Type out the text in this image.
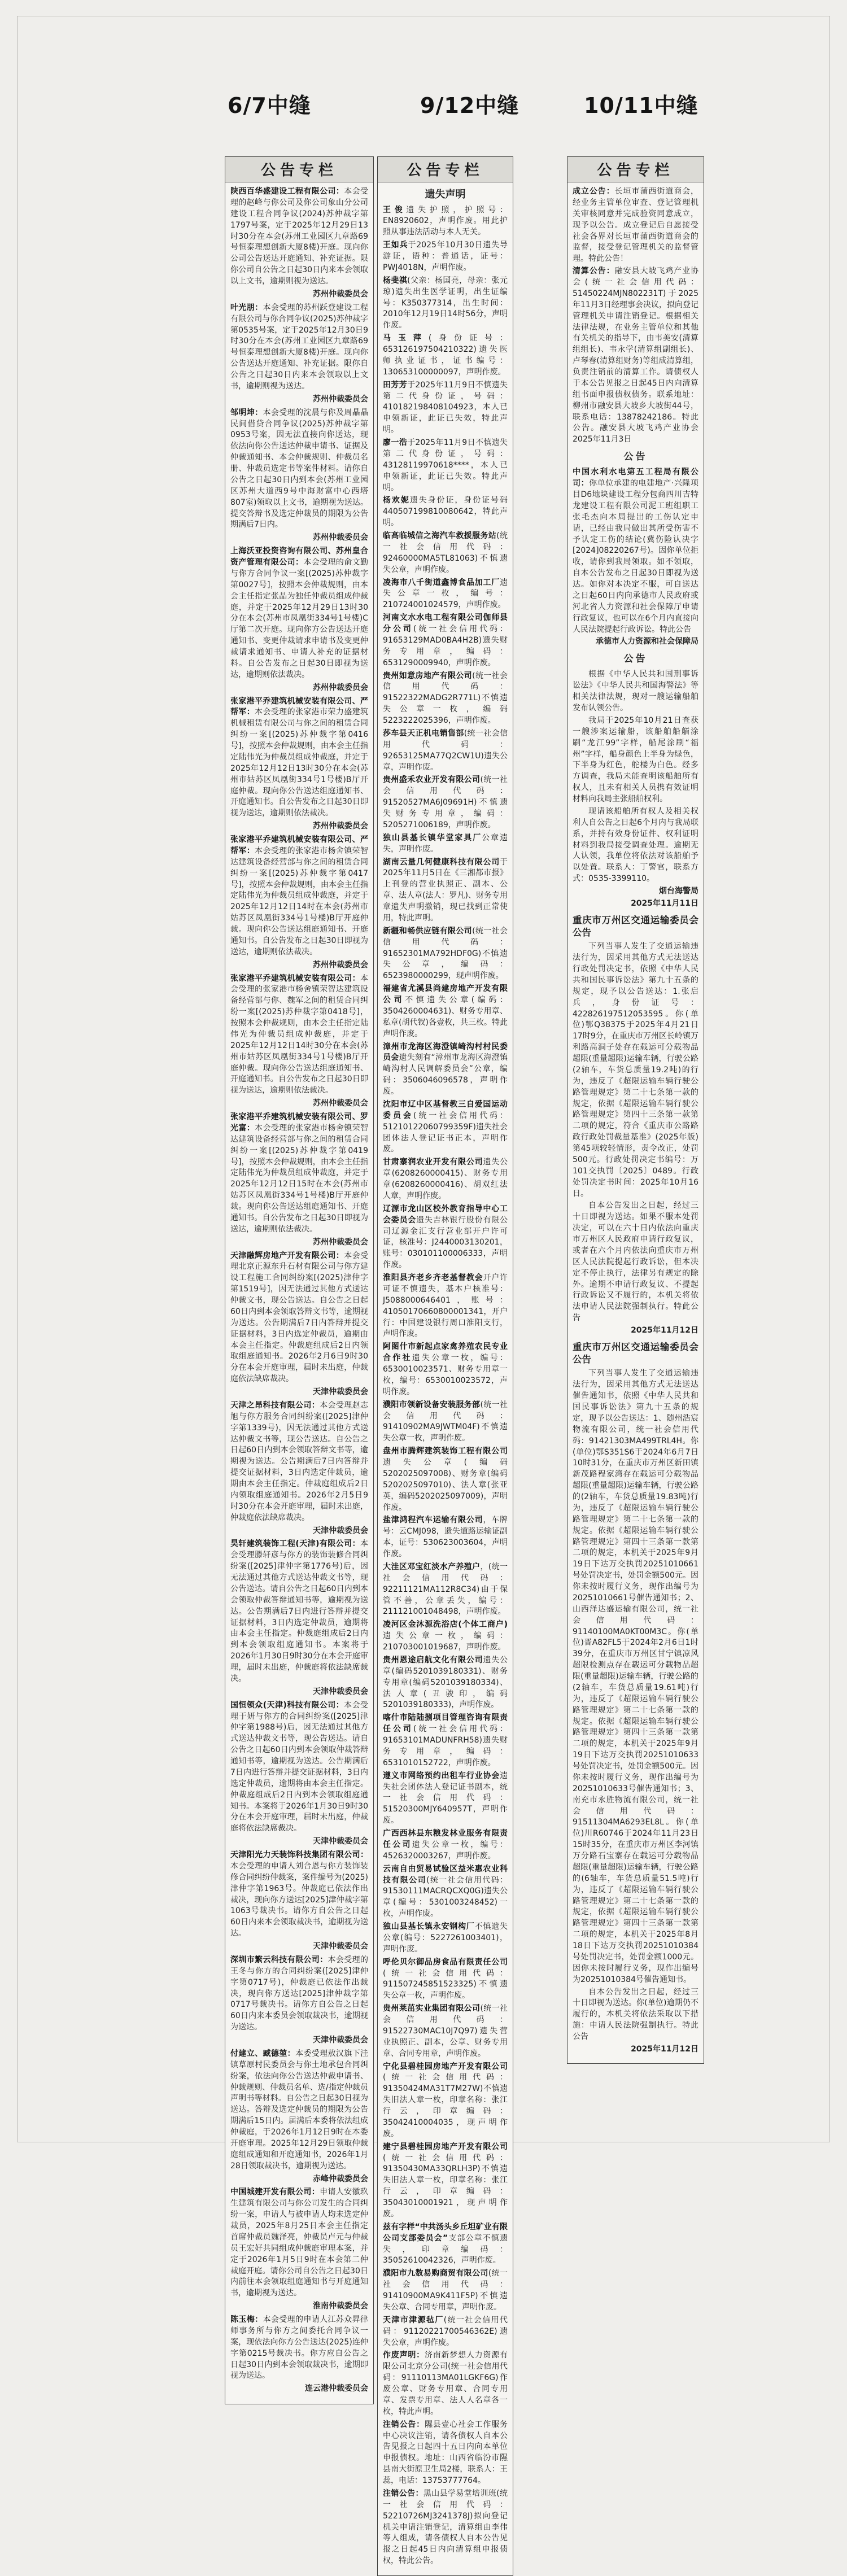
6/7中缝	9/12中缝	10/11中缝
公告专栏
陕西百华盛建设工程有限公司：本会受理的赵峰与你公司及你公司象山分公司建设工程合同争议(2024)苏仲裁字第1797号案，定于2025年12月29日13时30分在本会(苏州工业园区九章路69号恒泰理想创新大厦8楼)开庭。现向你公司公告送达开庭通知、补充证据。限你公司自公告之日起30日内来本会领取以上文书，逾期则视为送达。
苏州仲裁委员会
叶光朋：本会受理的苏州跃登建设工程有限公司与你合同争议(2025)苏仲裁字第0535号案，定于2025年12月30日9时30分在本会(苏州工业园区九章路69号恒泰理想创新大厦8楼)开庭。现向你公告送达开庭通知、补充证据。限你自公告之日起30日内来本会领取以上文书，逾期则视为送达。
苏州仲裁委员会
邹明坤：本会受理的沈晨与你及周晶晶民间借贷合同争议(2025)苏仲裁字第0953号案，因无法直接向你送达，现依法向你公告送达仲裁申请书、证据及仲裁通知书、本会仲裁规则、仲裁员名册、仲裁员选定书等案件材料。请你自公告之日起30日内到本会(苏州工业园区苏州大道西9号中海财富中心西塔807室)领取以上文书，逾期视为送达。提交答辩书及选定仲裁员的期限为公告期满后7日内。
苏州仲裁委员会
上海沃亚投资咨询有限公司、苏州皇合资产管理有限公司：本会受理的俞文勤与你方合同争议一案[(2025)苏仲裁字第0027号]，按照本会仲裁规则，由本会主任指定张晶为独任仲裁员组成仲裁庭，并定于2025年12月29日13时30分在本会(苏州市凤凰街334号1号楼)C厅第二次开庭。现向你方公告送达开庭通知书、变更仲裁请求申请书及变更仲裁请求通知书、申请人补充的证据材料。自公告发布之日起30日即视为送达，逾期则依法裁决。
苏州仲裁委员会
张家港平乔建筑机械安装有限公司、严帮军：本会受理的张家港市荣力盛建筑机械租赁有限公司与你之间的租赁合同纠纷一案[(2025)苏仲裁字第0416号]，按照本会仲裁规则，由本会主任指定陆伟光为仲裁员组成仲裁庭，并定于2025年12月12日13时30分在本会(苏州市姑苏区凤凰街334号1号楼)B厅开庭仲裁。现向你公告送达组庭通知书、开庭通知书。自公告发布之日起30日即视为送达，逾期则依法裁决。
苏州仲裁委员会
张家港平乔建筑机械安装有限公司、严帮军：本会受理的张家港市杨舍镇荣智达建筑设备经营部与你之间的租赁合同纠纷一案[(2025)苏仲裁字第0417号]，按照本会仲裁规则，由本会主任指定陆伟光为仲裁员组成仲裁庭，并定于2025年12月12日14时在本会(苏州市姑苏区凤凰街334号1号楼)B厅开庭仲裁。现向你公告送达组庭通知书、开庭通知书。自公告发布之日起30日即视为送达，逾期则依法裁决。
苏州仲裁委员会
张家港平乔建筑机械安装有限公司：本会受理的张家港市杨舍镇荣智达建筑设备经营部与你、魏军之间的租赁合同纠纷一案[(2025)苏仲裁字第0418号]，按照本会仲裁规则，由本会主任指定陆伟光为仲裁员组成仲裁庭，并定于2025年12月12日14时30分在本会(苏州市姑苏区凤凰街334号1号楼)B厅开庭仲裁。现向你公告送达组庭通知书、开庭通知书。自公告发布之日起30日即视为送达，逾期则依法裁决。
苏州仲裁委员会
张家港平乔建筑机械安装有限公司、罗光富：本会受理的张家港市杨舍镇荣智达建筑设备经营部与你之间的租赁合同纠纷一案[(2025)苏仲裁字第0419号]，按照本会仲裁规则，由本会主任指定陆伟光为仲裁员组成仲裁庭，并定于2025年12月12日15时在本会(苏州市姑苏区凤凰街334号1号楼)B厅开庭仲裁。现向你公告送达组庭通知书、开庭通知书。自公告发布之日起30日即视为送达，逾期则依法裁决。
苏州仲裁委员会
天津融辉房地产开发有限公司：本会受理北京正源东升石材有限公司与你方建设工程施工合同纠纷案[(2025)津仲字第1519号]，因无法通过其他方式送达仲裁文书，现公告送达。自公告之日起60日内到本会领取答辩文书等，逾期视为送达。公告期满后7日内答辩并提交证据材料，3日内选定仲裁员，逾期由本会主任指定。仲裁庭组成后2日内领取组庭通知书。2026年2月6日9时30分在本会开庭审理，届时未出庭，仲裁庭依法缺席裁决。
天津仲裁委员会
天津之昂科技有限公司：本会受理赵志旭与你方服务合同纠纷案([2025]津仲字第1339号)，因无法通过其他方式送达仲裁文书等，现公告送达。自公告之日起60日内到本会领取答辩文书等，逾期视为送达。公告期满后7日内答辩并提交证据材料，3日内选定仲裁员，逾期由本会主任指定。仲裁庭组成后2日内领取组庭通知书。2026年2月5日9时30分在本会开庭审理，届时未出庭，仲裁庭依法缺席裁决。
天津仲裁委员会
昊轩建筑装饰工程(天津)有限公司：本会受理滕轩彦与你方的装饰装修合同纠纷案([2025]津仲字第1776号)后，因无法通过其他方式送达仲裁文书等，现公告送达。请自公告之日起60日内到本会领取仲裁答辩通知书等，逾期视为送达。公告期满后7日内进行答辩并提交证据材料，3日内选定仲裁员，逾期将由本会主任指定。仲裁庭组成后2日内到本会领取组庭通知书。本案将于2026年1月30日9时30分在本会开庭审理，届时未出庭，仲裁庭将依法缺席裁决。
天津仲裁委员会
国恒领众(天津)科技有限公司：本会受理于妍与你方的合同纠纷案([2025]津仲字第1988号)后，因无法通过其他方式送达仲裁文书等，现公告送达。请自公告之日起60日内到本会领取仲裁答辩通知书等，逾期视为送达。公告期满后7日内进行答辩并提交证据材料，3日内选定仲裁员，逾期将由本会主任指定。仲裁庭组成后2日内到本会领取组庭通知书。本案将于2026年1月30日9时30分在本会开庭审理，届时未出庭，仲裁庭将依法缺席裁决。
天津仲裁委员会
天津阳光力天装饰科技集团有限公司：本会受理的申请人刘合恩与你方装饰装修合同纠纷仲裁案，案件编号为(2025)津仲字第1963号。仲裁庭已依法作出裁决，现向你方送达[2025]津仲裁字第1063号裁决书。请你方自公告之日起60日内来本会领取裁决书，逾期视为送达。
天津仲裁委员会
深圳市繁云科技有限公司：本会受理的王冬与你方的合同纠纷案([2025]津仲字第0717号)，仲裁庭已依法作出裁决，现向你方送达[2025]津仲裁字第0717号裁决书。请你方自公告之日起60日内来本委员会领取裁决书，逾期视为送达。
天津仲裁委员会
付建立、臧德堃：本委受理敖汉旗下洼镇草原村民委员会与你土地承包合同纠纷案，依法向你公告送达仲裁申请书、仲裁规则、仲裁员名单、选/指定仲裁员声明书等材料。自公告之日起30日视为送达。答辩及选定仲裁员的期限为公告期满后15日内。届满后本委将依法组成仲裁庭，于2026年1月12日9时在本委开庭审理。2025年12月29日领取仲裁庭组成通知和开庭通知书，2026年1月28日领取裁决书，逾期视为送达。
赤峰仲裁委员会
中国城建开发有限公司：申请人安徽玖生建筑有限公司与你公司发生的合同纠纷一案，申请人与被申请人均未选定仲裁员，2025年8月25日本会主任指定首席仲裁员魏泽亮，仲裁员卢元与仲裁员王宏好共同组成仲裁庭审理本案，并定于2026年1月5日9时在本会第二仲裁庭开庭。请你公司自公告之日起30日内前往本会领取组庭通知书与开庭通知书，逾期视为送达。
淮南仲裁委员会
陈玉梅：本会受理的申请人江苏众昇律师事务所与你方之间委托合同争议一案，现依法向你方公告送达(2025)连仲字第0215号裁决书。你方应自公告之日起30日内到本会领取裁决书，逾期即视为送达。
连云港仲裁委员会
公告专栏
遗失声明
王俊遗失护照，护照号：EN8920602，声明作废。用此护照从事违法活动与本人无关。
王如兵于2025年10月30日遗失导游证，语种：普通话，证号：PWJ4018N，声明作废。
杨斐祺(父亲：杨国亮，母亲：张元琼)遗失出生医学证明，出生证编号：K350377314，出生时间：2010年12月19日14时56分，声明作废。
马玉萍(身份证号：653126197504210322)遗失医师执业证书，证书编号：130653100000097，声明作废。
田芳芳于2025年11月9日不慎遗失第二代身份证，号码：410182198408104923，本人已申领新证，此证已失效，特此声明。
廖一浩于2025年11月9日不慎遗失第二代身份证，号码：43128119970618****，本人已申领新证，此证已失效。特此声明。
杨欢妮遗失身份证，身份证号码440507199810080642，特此声明。
临高临城信之海汽车救援服务站(统一社会信用代码：92460000MA5TL81063)不慎遗失公章，声明作废。
凌海市八千街道鑫博食品加工厂遗失公章一枚，编号：210724001024579，声明作废。
河南文水水电工程有限公司伽师县分公司(统一社会信用代码：91653129MAD0BA4H2B)遗失财务专用章，编码：6531290009940，声明作废。
贵州如意房地产有限公司(统一社会信用代码：91522322MADG2R771L)不慎遗失公章一枚，编码5223222025396，声明作废。
莎车县天正机电销售部(统一社会信用代码：92653125MA77Q2CW1U)遗失公章，声明作废。
贵州盛禾农业开发有限公司(统一社会信用代码：91520527MA6J09691H)不慎遗失财务专用章，编码：5205271006189，声明作废。
独山县基长镇华堂家具厂公章遗失，声明作废。
湖南云量几何健康科技有限公司于2025年11月5日在《三湘都市报》上刊登的营业执照正、副本、公章、法人章(法人：罗凡)、财务专用章遗失声明撤销，现已找到正常使用，特此声明。
新疆和畅供应链有限公司(统一社会信用代码：91652301MA792HDF0G)不慎遗失公章，编码：6523980000299，现声明作废。
福建省尤溪县尚建房地产开发有限公司不慎遗失公章(编码：3504260004631)、财务专用章、私章(胡代钗)各壹枚，共三枚。特此声明作废。
漳州市龙海区海澄镇崎沟村村民委员会遗失刻有“漳州市龙海区海澄镇崎沟村人民调解委员会”公章，编码：3506046096578，声明作废。
沈阳市辽中区基督教三自爱国运动委员会(统一社会信用代码：51210122060799359F)遗失社会团体法人登记证书正本，声明作废。
甘肃寨润农业开发有限公司遗失公章(6208260000415)、财务专用章(6208260000416)、胡双红法人章，声明作废。
辽源市龙山区校外教育指导中心工会委员会遗失吉林银行股份有限公司辽源金汇支行营业部开户许可证，核准号：J2440003130201，账号：030101100006333，声明作废。
淮阳县齐老乡齐老基督教会开户许可证不慎遗失，基本户核准号：J5088000646401，账号：41050170660800001341，开户行：中国建设银行周口淮阳支行，声明作废。
阿图什市新起点家禽养殖农民专业合作社遗失公章一枚，编号：6530010023571、财务专用章一枚，编号：6530010023572，声明作废。
濮阳市领新设备安装服务部(统一社会信用代码：91410902MA9JWTM04F)不慎遗失公章一枚，声明作废。
盘州市腾辉建筑装饰工程有限公司遗失公章(编码5202025097008)、财务章(编码5202025097010)、法人章(张亚英，编码5202025097009)，声明作废。
盐津鸿程汽车运输有限公司，车牌号：云CMJ098，遗失道路运输证副本，证号：530623003604，声明作废。
大洼区邓宝红淡水产养殖户，(统一社会信用代码：92211121MA112R8C34)由于保管不善，公章丢失，编号：211121001048498，声明作废。
凌河区金沐源洗浴店(个体工商户)遗失公章一枚，编码：210703001019687，声明作废。
贵州恩途启航文化有限公司遗失公章(编码5201039180331)、财务专用章(编码5201039180334)、法人章(丑骏印，编码5201039180333)，声明作废。
喀什市陆陆捌项目管理咨询有限责任公司(统一社会信用代码：91653101MADUNFRH58)遗失财务专用章，编码：6531010152722，声明作废。
遵义市网络预约出租车行业协会遗失社会团体法人登记证书副本，统一社会信用代码：51520300MJY640957T，声明作废。
广西西林县东粮发林业服务有限责任公司遗失公章一枚，编号：4526320003267，声明作废。
云南自由贸易试验区益米惠农业科技有限公司(统一社会信用代码：91530111MACRQCXQ0G)遗失公章(编号：5301003248452)一枚，声明作废。
独山县基长镇永安钢构厂不慎遗失公章(编号：5227261003401)，声明作废。
呼伦贝尔御品房食品有限责任公司(统一社会信用代码：911507245851523325)不慎遗失公章一枚，声明作废。
贵州莱茁实业集团有限公司(统一社会信用代码：91522730MAC10J7Q97)遗失营业执照正、副本，公章、财务专用章、合同专用章，声明作废。
宁化县碧桂园房地产开发有限公司(统一社会信用代码：91350424MA31T7M27W)不慎遗失旧法人章一枚，印章名称：张江行云，印章编码：35042410004035，现声明作废。
建宁县碧桂园房地产开发有限公司(统一社会信用代码：91350430MA33QRLH3P)不慎遗失旧法人章一枚，印章名称：张江行云，印章编码：35043010001921，现声明作废。
兹有字样“中共汤头乡丘坦矿业有限公司支部委员会”支部公章不慎遗失，印章编码：35052610042326，声明作废。
濮阳市九数易购商贸有限公司(统一社会信用代码：91410900MA9K411F5P)不慎遗失公章、合同专用章，声明作废。
天津市津源毡厂(统一社会信用代码：91120221700546362E)遗失公章，声明作废。
作废声明：济南新梦想人力资源有限公司北京分公司(统一社会信用代码：91110113MA01LGKF6G)作废公章、财务专用章、合同专用章、发票专用章、法人人名章各一枚，特此声明。
注销公告：隰县壹心社会工作服务中心决议注销，请各债权人自本公告见报之日起四十五日内向本单位申报债权。地址：山西省临汾市隰县南大街原卫生局2楼，联系人：王蕊，电话：13753777764。
注销公告：黑山县学易堂培训班(统一社会信用代码：52210726MJ3241378J)拟向登记机关申请注销登记，清算组由李伟等人组成，请各债权人自本公告见报之日起45日内向清算组申报债权，特此公告。
公告专栏

成立公告：长垣市蒲西街道商会，经业务主管单位审查、登记管理机关审核同意并完成验资同意成立，现予以公告。成立登记后自愿接受社会各界对长垣市蒲西街道商会的监督，接受登记管理机关的监督管理。特此公告！

清算公告：融安县大坡飞鸡产业协会(统一社会信用代码：51450224MJN802231T)于2025年11月3日经理事会决议，拟向登记管理机关申请注销登记。根据相关法律法规，在业务主管单位和其他有关机关的指导下，由韦美安(清算组组长)、韦永学(清算组副组长)、卢琴春(清算组财务)等组成清算组，负责注销前的清算工作。请债权人于本公告见报之日起45日内向清算组书面申报债权债务。联系地址：柳州市融安县大坡乡大坡街44号，联系电话：13878242186。特此公告。融安县大坡飞鸡产业协会2025年11月3日

公告

中国水利水电第五工程局有限公司：你单位承建的电建地产·兴隆项目D6地块建设工程分包商四川吉特龙建设工程有限公司泥工班组职工张毛杰向本局提出的工伤认定申请，已经由我局做出其所受伤害不予认定工伤的结论(冀伤险认决字[2024]08220267号)。因你单位拒收，请你到我局领取。如不领取，自本公告发布之日起30日即视为送达。如你对本决定不服，可自送达之日起60日内向承德市人民政府或河北省人力资源和社会保障厅申请行政复议，也可以在6个月内直接向人民法院提起行政诉讼。特此公告

承德市人力资源和社会保障局
公告

根据《中华人民共和国刑事诉讼法》《中华人民共和国海警法》等相关法律法规，现对一艘运输船舶发布认领公告。

我局于2025年10月21日查获一艘涉案运输船，该船舶船艏涂刷“龙江99”字样，船尾涂刷“福州”字样，船身颜色上半身为绿色，下半身为红色，舵楼为白色。经多方调查，我局未能查明该船舶所有权人，且未有相关人员携有效证明材料向我局主张船舶权利。

现请该船舶所有权人及相关权利人自公告之日起6个月内与我局联系，并持有效身份证件、权利证明材料到我局接受调查处理。逾期无人认领，我单位将依法对该船舶予以处置。联系人：丁警官，联系方式：0535-3399110。

烟台海警局
2025年11月11日
重庆市万州区交通运输委员会公告

下列当事人发生了交通运输违法行为，因采用其他方式无法送达行政处罚决定书，依照《中华人民共和国民事诉讼法》第九十五条的规定，现予以公告送达：1.张启兵，身份证号：422826197512053595。你(单位)鄂Q38375于2025年4月21日17时9分，在重庆市万州区长岭镇万利路高洞子处存在载运可分载物品超限(重量超限)运输车辆，行驶公路(2轴车，车货总质量19.2吨)的行为，违反了《超限运输车辆行驶公路管理规定》第二十七条第一款的规定，依据《超限运输车辆行驶公路管理规定》第四十三条第一款第二项的规定，符合《重庆市公路路政行政处罚裁量基准》(2025年版)第45项较轻情形，责令改正，处罚500元。行政处罚决定书编号：万101交执罚〔2025〕0489。行政处罚决定书时间：2025年10月16日。

自本公告发出之日起，经过三十日即视为送达。如果不服本处罚决定，可以在六十日内依法向重庆市万州区人民政府申请行政复议，或者在六个月内依法向重庆市万州区人民法院提起行政诉讼，但本决定不停止执行，法律另有规定的除外。逾期不申请行政复议、不提起行政诉讼又不履行的，本机关将依法申请人民法院强制执行。特此公告

2025年11月12日
重庆市万州区交通运输委员会公告

下列当事人发生了交通运输违法行为，因采用其他方式无法送达催告通知书，依照《中华人民共和国民事诉讼法》第九十五条的规定，现予以公告送达：1、随州浩宸物流有限公司，统一社会信用代码：91421303MA499TRL4H。你(单位)鄂S351S6于2024年6月7日10时31分，在重庆市万州区新田镇新茂路程家湾存在载运可分载物品超限(重量超限)运输车辆，行驶公路的(2轴车，车货总质量19.83吨)行为，违反了《超限运输车辆行驶公路管理规定》第二十七条第一款的规定。依据《超限运输车辆行驶公路管理规定》第四十三条第一款第二项的规定，本机关于2025年9月19日下达万交执罚20251010661号处罚决定书，处罚金额500元。因你未按时履行义务，现作出编号为20251010661号催告通知书；2、山西泽达盛运输有限公司，统一社会信用代码：91140100MA0KT00M3C。你(单位)晋A82FL5于2024年2月6日1时39分，在重庆市万州区甘宁镇凉风超限检测点存在载运可分载物品超限(重量超限)运输车辆，行驶公路的(2轴车，车货总质量19.61吨)行为，违反了《超限运输车辆行驶公路管理规定》第二十七条第一款的规定。依据《超限运输车辆行驶公路管理规定》第四十三条第一款第二项的规定，本机关于2025年9月19日下达万交执罚20251010633号处罚决定书，处罚金额500元。因你未按时履行义务，现作出编号为20251010633号催告通知书；3、南充市永胜物流有限公司，统一社会信用代码：91511304MA6293EL8L。你(单位)川R60746于2024年11月23日15时35分，在重庆市万州区李河镇万分路石宝寨存在载运可分载物品超限(重量超限)运输车辆，行驶公路的(6轴车，车货总质量51.5吨)行为，违反了《超限运输车辆行驶公路管理规定》第二十七条第一款的规定，依据《超限运输车辆行驶公路管理规定》第四十三条第一款第二项的规定，本机关于2025年8月18日下达万交执罚20251010384号处罚决定书，处罚金额1000元。因你未按时履行义务，现作出编号为20251010384号催告通知书。

自本公告发出之日起，经过三十日即视为送达。你(单位)逾期仍不履行的，本机关将依法采取以下措施：申请人民法院强制执行。特此公告

2025年11月12日
